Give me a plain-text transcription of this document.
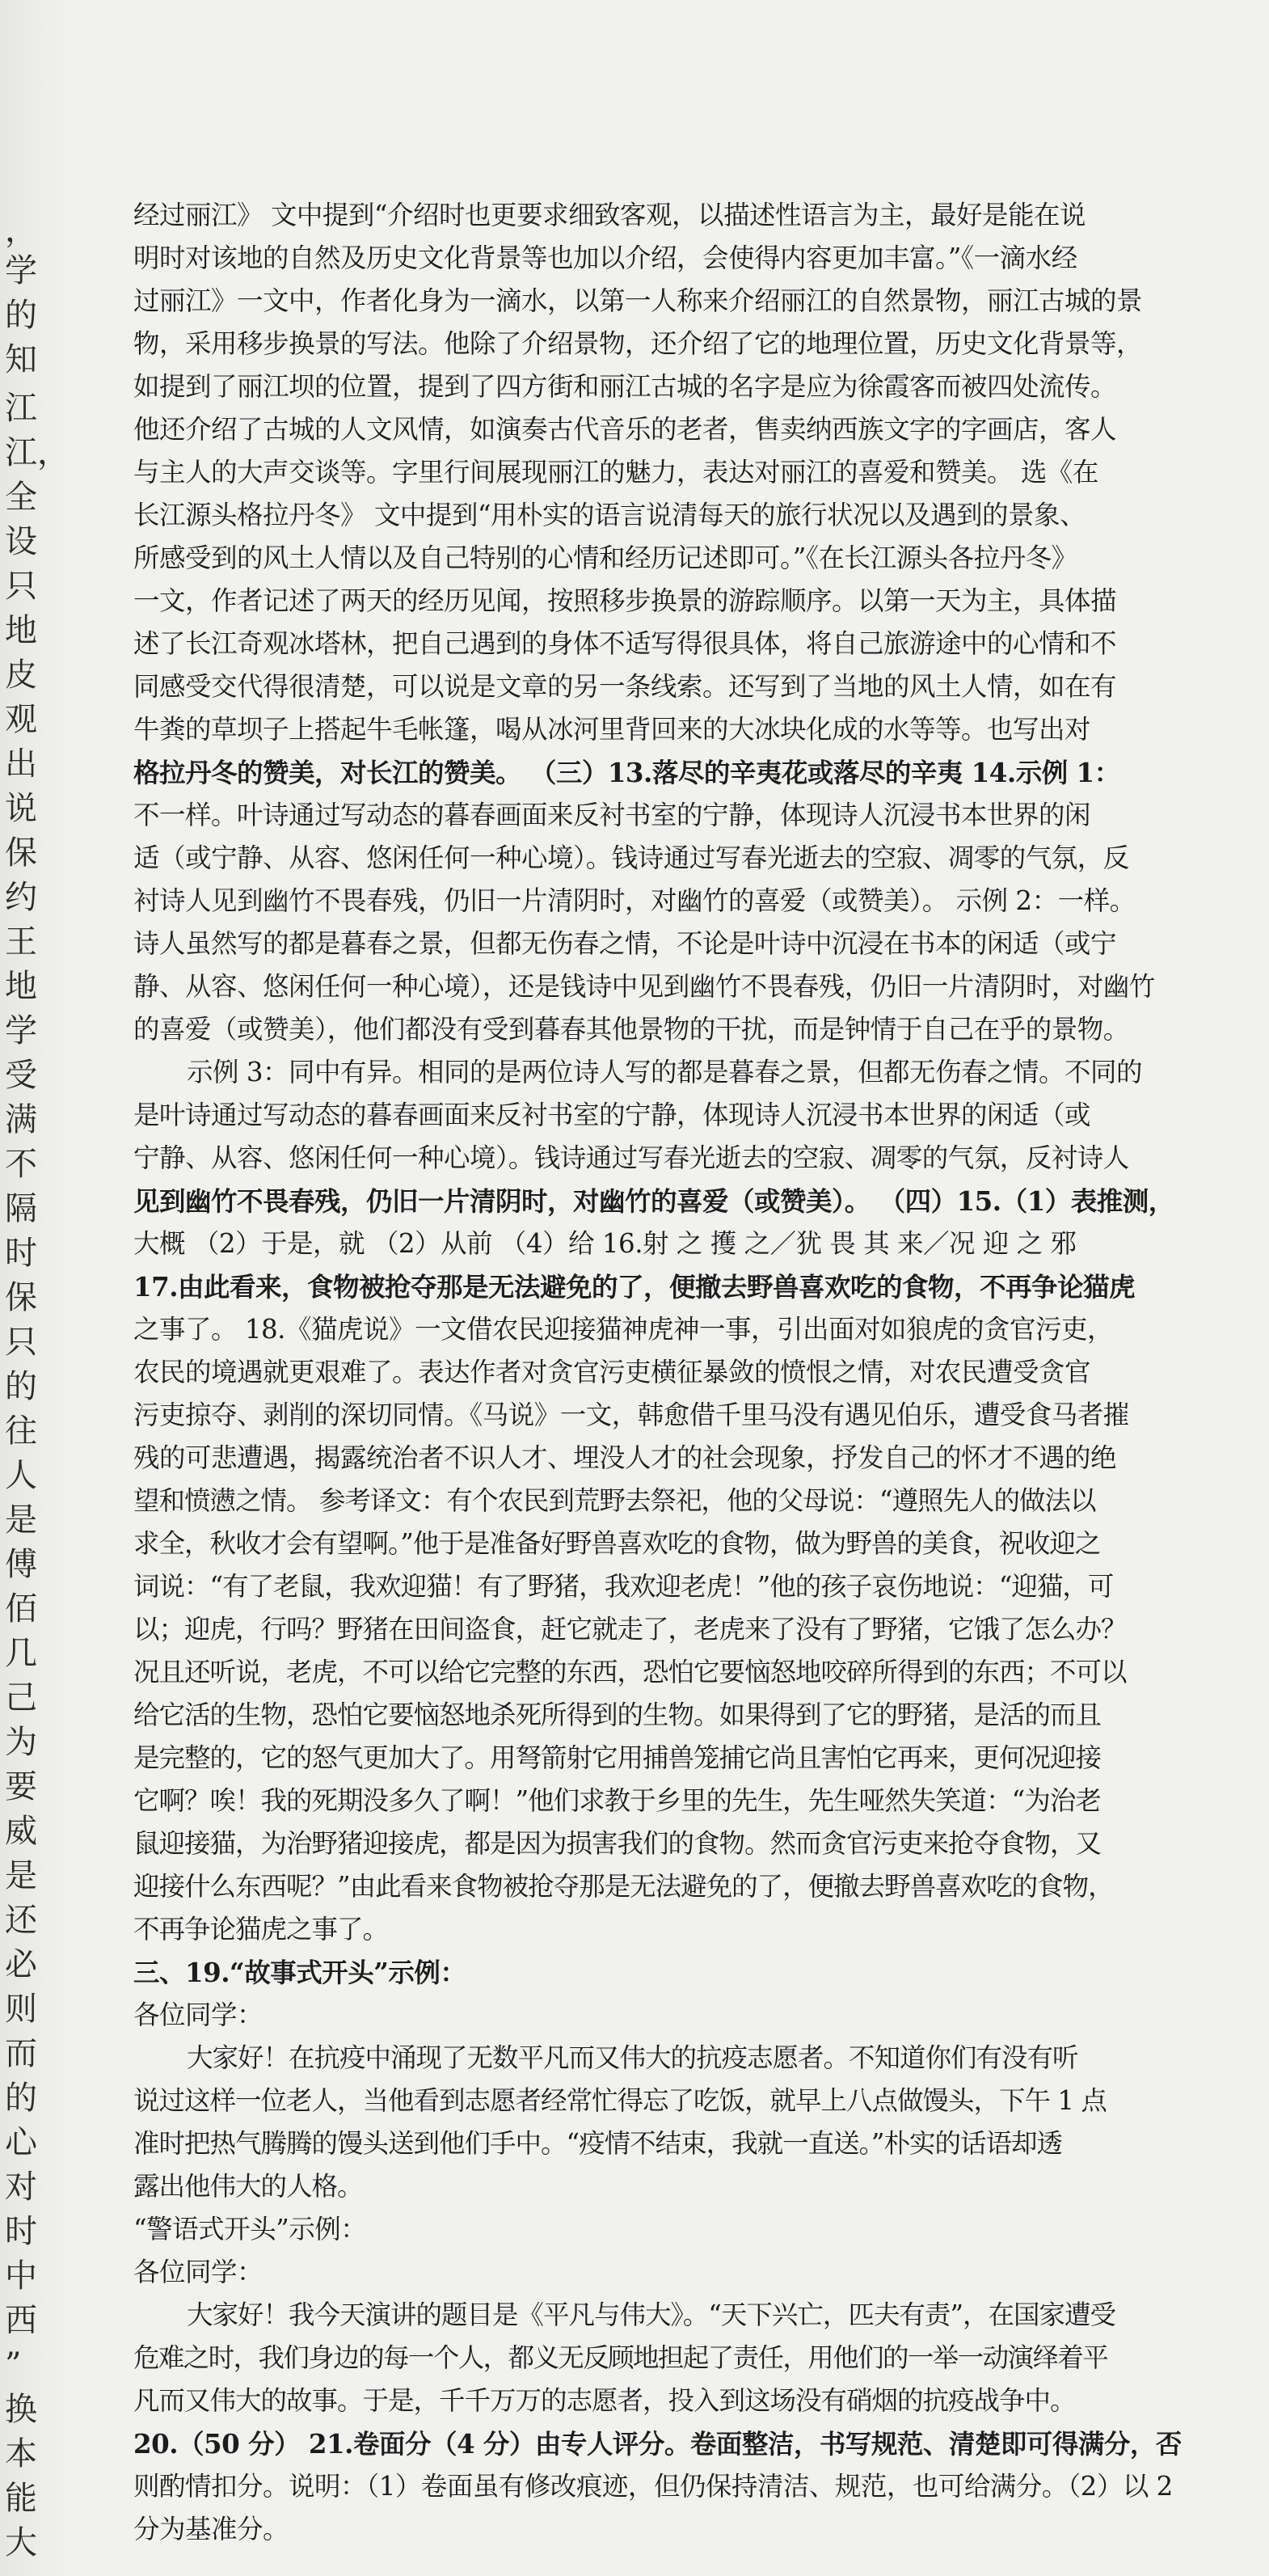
，
学
的
知
江
江，
全
设
只
地
皮
观
出
说
保
约
王
地
学
受
满
不
隔
时
保
只
的
往
人
是
傅
佰
几
己
为
要
威
是
还
必
则
而
的
心
对
时
中
西
”
换
本
能
大
经过丽江》 文中提到“介绍时也更要求细致客观，以描述性语言为主，最好是能在说
明时对该地的自然及历史文化背景等也加以介绍，会使得内容更加丰富。”《一滴水经
过丽江》一文中，作者化身为一滴水，以第一人称来介绍丽江的自然景物，丽江古城的景
物，采用移步换景的写法。他除了介绍景物，还介绍了它的地理位置，历史文化背景等，
如提到了丽江坝的位置，提到了四方街和丽江古城的名字是应为徐霞客而被四处流传。
他还介绍了古城的人文风情，如演奏古代音乐的老者，售卖纳西族文字的字画店，客人
与主人的大声交谈等。字里行间展现丽江的魅力，表达对丽江的喜爱和赞美。 选《在
长江源头格拉丹冬》 文中提到“用朴实的语言说清每天的旅行状况以及遇到的景象、
所感受到的风土人情以及自己特别的心情和经历记述即可。”《在长江源头各拉丹冬》
一文，作者记述了两天的经历见闻，按照移步换景的游踪顺序。以第一天为主，具体描
述了长江奇观冰塔林，把自己遇到的身体不适写得很具体，将自己旅游途中的心情和不
同感受交代得很清楚，可以说是文章的另一条线索。还写到了当地的风土人情，如在有
牛粪的草坝子上搭起牛毛帐篷，喝从冰河里背回来的大冰块化成的水等等。也写出对
格拉丹冬的赞美，对长江的赞美。 （三）13.落尽的辛夷花或落尽的辛夷 14.示例 1：
不一样。叶诗通过写动态的暮春画面来反衬书室的宁静，体现诗人沉浸书本世界的闲
适（或宁静、从容、悠闲任何一种心境）。钱诗通过写春光逝去的空寂、凋零的气氛，反
衬诗人见到幽竹不畏春残，仍旧一片清阴时，对幽竹的喜爱（或赞美）。 示例 2：一样。
诗人虽然写的都是暮春之景，但都无伤春之情，不论是叶诗中沉浸在书本的闲适（或宁
静、从容、悠闲任何一种心境），还是钱诗中见到幽竹不畏春残，仍旧一片清阴时，对幽竹
的喜爱（或赞美），他们都没有受到暮春其他景物的干扰，而是钟情于自己在乎的景物。
示例 3：同中有异。相同的是两位诗人写的都是暮春之景，但都无伤春之情。不同的
是叶诗通过写动态的暮春画面来反衬书室的宁静，体现诗人沉浸书本世界的闲适（或
宁静、从容、悠闲任何一种心境）。钱诗通过写春光逝去的空寂、凋零的气氛，反衬诗人
见到幽竹不畏春残，仍旧一片清阴时，对幽竹的喜爱（或赞美）。 （四）15.（1）表推测，
大概 （2）于是，就 （2）从前 （4）给 16.射 之 擭 之／犹 畏 其 来／况 迎 之 邪
17.由此看来，食物被抢夺那是无法避免的了，便撤去野兽喜欢吃的食物，不再争论猫虎
之事了。 18.《猫虎说》一文借农民迎接猫神虎神一事，引出面对如狼虎的贪官污吏，
农民的境遇就更艰难了。表达作者对贪官污吏横征暴敛的愤恨之情，对农民遭受贪官
污吏掠夺、剥削的深切同情。《马说》一文，韩愈借千里马没有遇见伯乐，遭受食马者摧
残的可悲遭遇，揭露统治者不识人才、埋没人才的社会现象，抒发自己的怀才不遇的绝
望和愤懑之情。 参考译文：有个农民到荒野去祭祀，他的父母说：“遵照先人的做法以
求全，秋收才会有望啊。”他于是准备好野兽喜欢吃的食物，做为野兽的美食，祝收迎之
词说：“有了老鼠，我欢迎猫！有了野猪，我欢迎老虎！”他的孩子哀伤地说：“迎猫，可
以；迎虎，行吗？野猪在田间盗食，赶它就走了，老虎来了没有了野猪，它饿了怎么办？
况且还听说，老虎，不可以给它完整的东西，恐怕它要恼怒地咬碎所得到的东西；不可以
给它活的生物，恐怕它要恼怒地杀死所得到的生物。如果得到了它的野猪，是活的而且
是完整的，它的怒气更加大了。用弩箭射它用捕兽笼捕它尚且害怕它再来，更何况迎接
它啊？唉！我的死期没多久了啊！”他们求教于乡里的先生，先生哑然失笑道：“为治老
鼠迎接猫，为治野猪迎接虎，都是因为损害我们的食物。然而贪官污吏来抢夺食物，又
迎接什么东西呢？”由此看来食物被抢夺那是无法避免的了，便撤去野兽喜欢吃的食物，
不再争论猫虎之事了。
三、19.“故事式开头”示例：
各位同学：
大家好！在抗疫中涌现了无数平凡而又伟大的抗疫志愿者。不知道你们有没有听
说过这样一位老人，当他看到志愿者经常忙得忘了吃饭，就早上八点做馒头，下午 1 点
准时把热气腾腾的馒头送到他们手中。“疫情不结束，我就一直送。”朴实的话语却透
露出他伟大的人格。
“警语式开头”示例：
各位同学：
大家好！我今天演讲的题目是《平凡与伟大》。“天下兴亡，匹夫有责”，在国家遭受
危难之时，我们身边的每一个人，都义无反顾地担起了责任，用他们的一举一动演绎着平
凡而又伟大的故事。于是，千千万万的志愿者，投入到这场没有硝烟的抗疫战争中。
20.（50 分） 21.卷面分（4 分）由专人评分。卷面整洁，书写规范、清楚即可得满分，否
则酌情扣分。说明：（1）卷面虽有修改痕迹，但仍保持清洁、规范，也可给满分。（2）以 2
分为基准分。
